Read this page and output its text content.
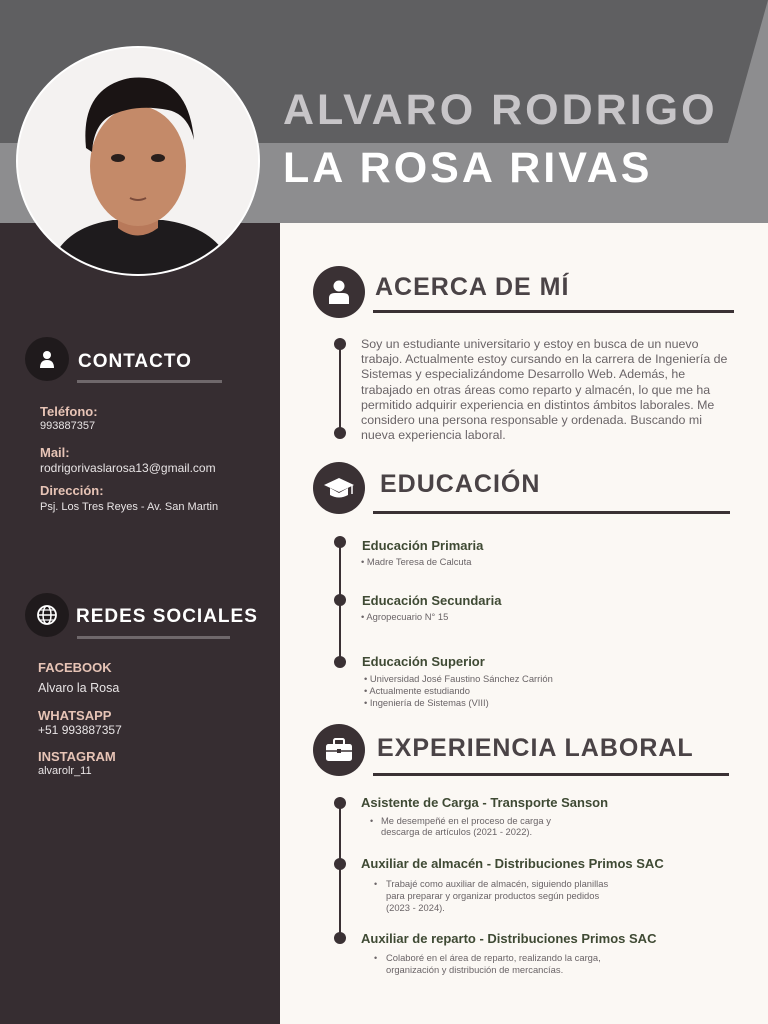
ALVARO RODRIGO
LA ROSA RIVAS
CONTACTO
Teléfono:
993887357
Mail:
rodrigorivaslarosa13@gmail.com
Dirección:
Psj. Los Tres Reyes - Av. San Martin
REDES SOCIALES
FACEBOOK
Alvaro la Rosa
WHATSAPP
+51 993887357
INSTAGRAM
alvarolr_11
ACERCA DE MÍ
Soy un estudiante universitario y estoy en busca de un nuevo trabajo. Actualmente estoy cursando en la carrera de Ingeniería de Sistemas y especializándome Desarrollo Web. Además, he trabajado en otras áreas como reparto y almacén, lo que me ha permitido adquirir experiencia en distintos ámbitos laborales. Me considero una persona responsable y ordenada. Buscando mi nueva experiencia laboral.
EDUCACIÓN
Educación Primaria
• Madre Teresa de Calcuta
Educación Secundaria
• Agropecuario N° 15
Educación Superior
• Universidad José Faustino Sánchez Carrión
• Actualmente estudiando
• Ingeniería de Sistemas (VIII)
EXPERIENCIA LABORAL
Asistente de Carga - Transporte Sanson
• Me desempeñé en el proceso de carga y
descarga de artículos (2021 - 2022).
Auxiliar de almacén - Distribuciones Primos SAC
• Trabajé como auxiliar de almacén, siguiendo planillas
para preparar y organizar productos según pedidos
(2023 - 2024).
Auxiliar de reparto - Distribuciones Primos SAC
• Colaboré en el área de reparto, realizando la carga,
organización y distribución de mercancías.
